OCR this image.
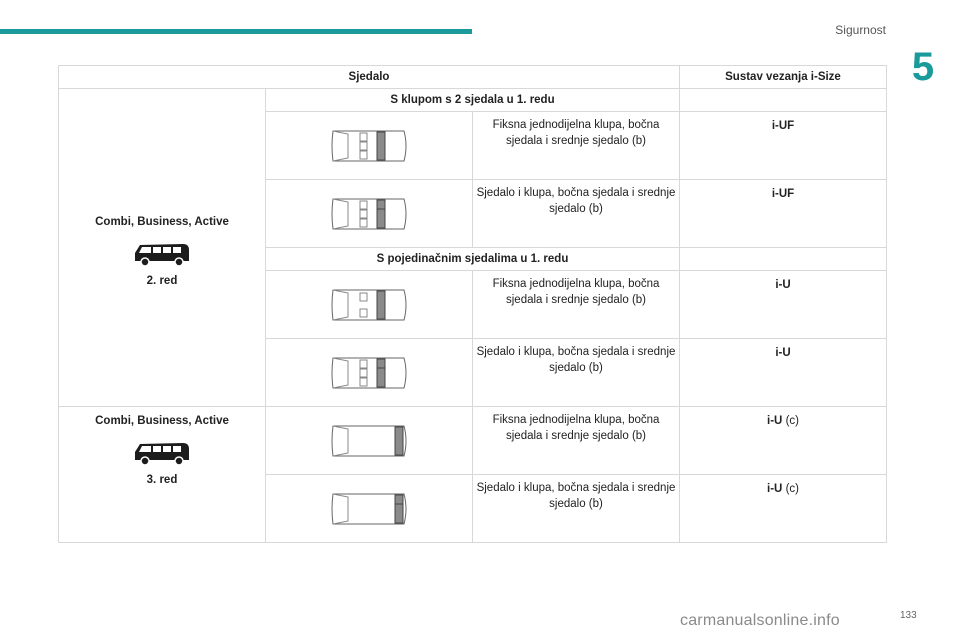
Sigurnost
5
Sjedalo			Sustav vezanja i-Size

Combi, Business, Active
2. red	S klupom s 2 sjedala u 1. redu		

	Fiksna jednodijelna klupa, bočna sjedala i srednje sjedalo (b)	i-UF

	Sjedalo i klupa, bočna sjedala i srednje sjedalo (b)	i-UF
	S pojedinačnim sjedalima u 1. redu		

	Fiksna jednodijelna klupa, bočna sjedala i srednje sjedalo (b)	i-U

	Sjedalo i klupa, bočna sjedala i srednje sjedalo (b)	i-U

Combi, Business, Active
3. red		Fiksna jednodijelna klupa, bočna sjedala i srednje sjedalo (b)	i-U (c)

	Sjedalo i klupa, bočna sjedala i srednje sjedalo (b)	i-U (c)
carmanualsonline.info	133
